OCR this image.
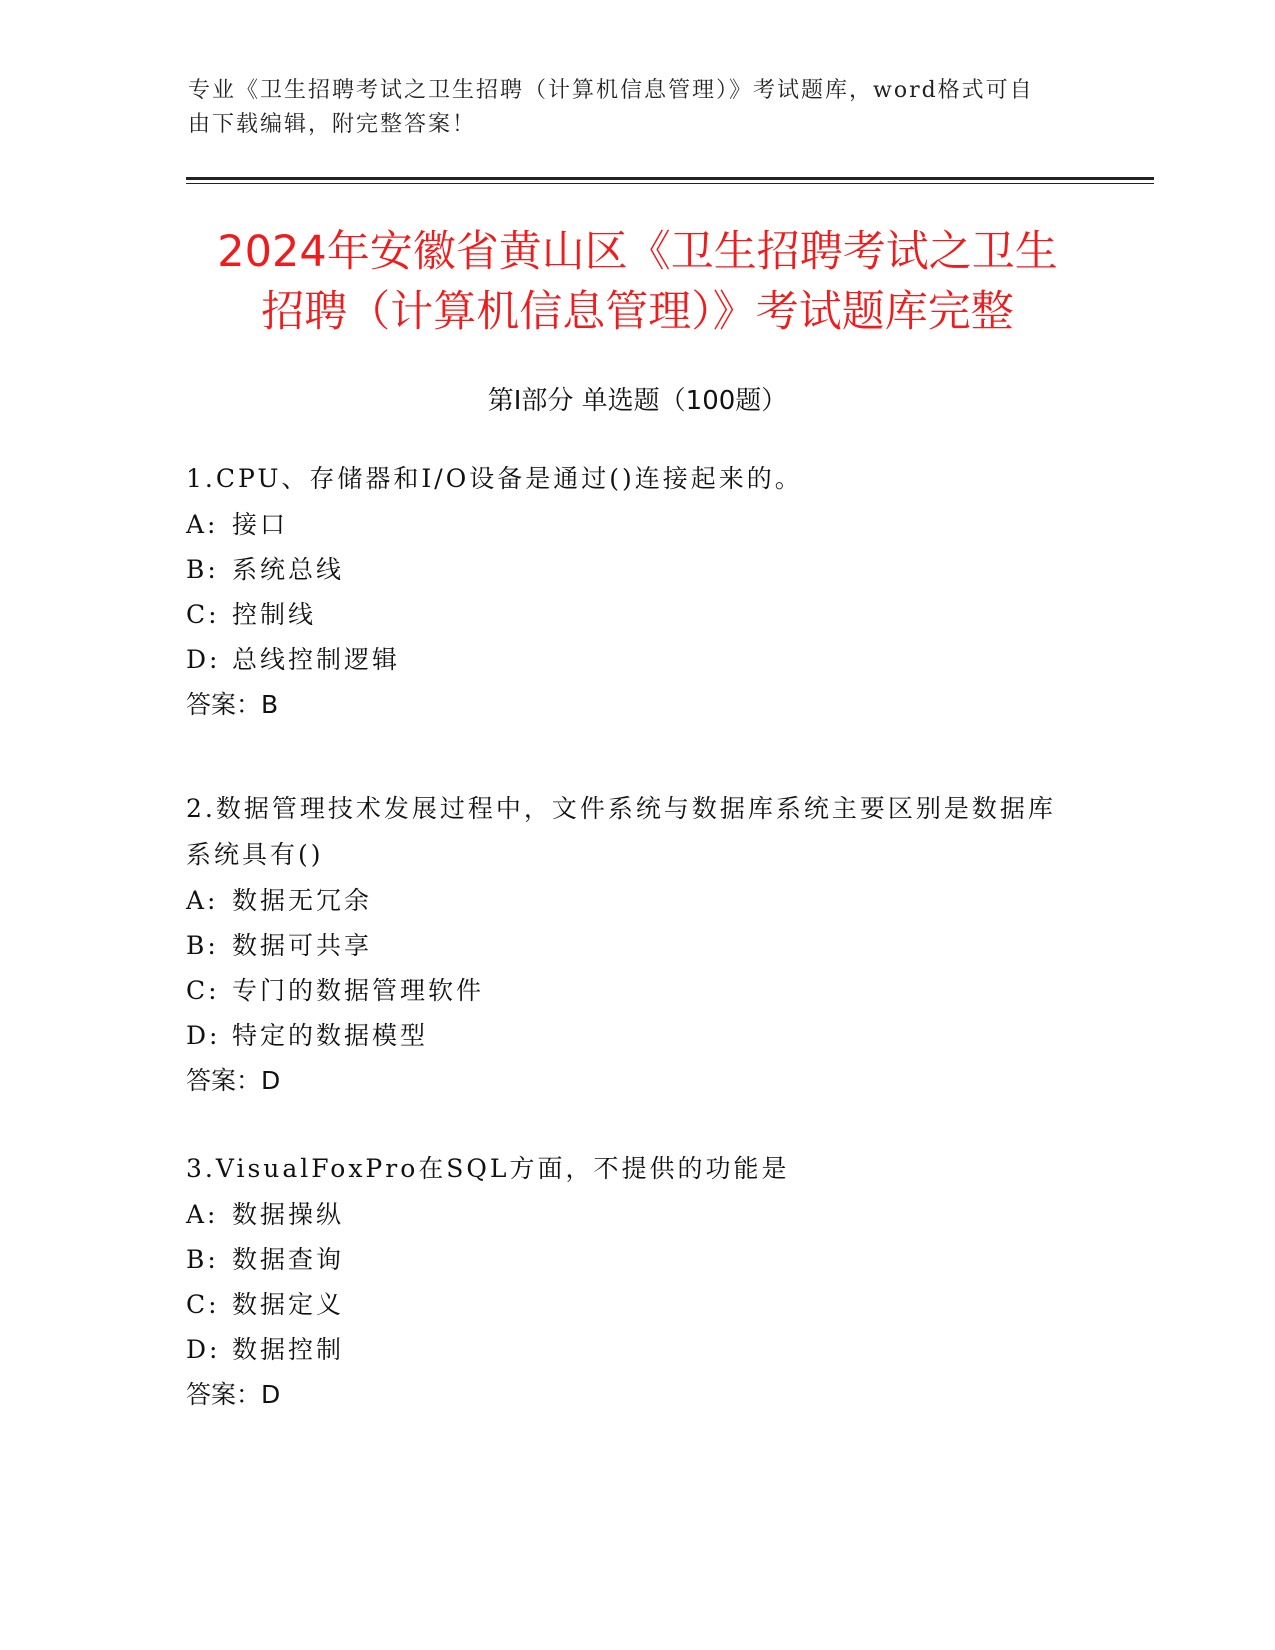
专业《卫生招聘考试之卫生招聘（计算机信息管理）》考试题库，word格式可自
由下载编辑，附完整答案！
2024年安徽省黄山区《卫生招聘考试之卫生
招聘（计算机信息管理）》考试题库完整
第Ⅰ部分 单选题（100题）

1.CPU、存储器和I/O设备是通过()连接起来的。

A: 接口
B: 系统总线
C: 控制线
D: 总线控制逻辑
答案：B

2.数据管理技术发展过程中，文件系统与数据库系统主要区别是数据库系统具有()

A: 数据无冗余
B: 数据可共享
C: 专门的数据管理软件
D: 特定的数据模型
答案：D

3.VisualFoxPro在SQL方面，不提供的功能是

A: 数据操纵
B: 数据查询
C: 数据定义
D: 数据控制
答案：D
